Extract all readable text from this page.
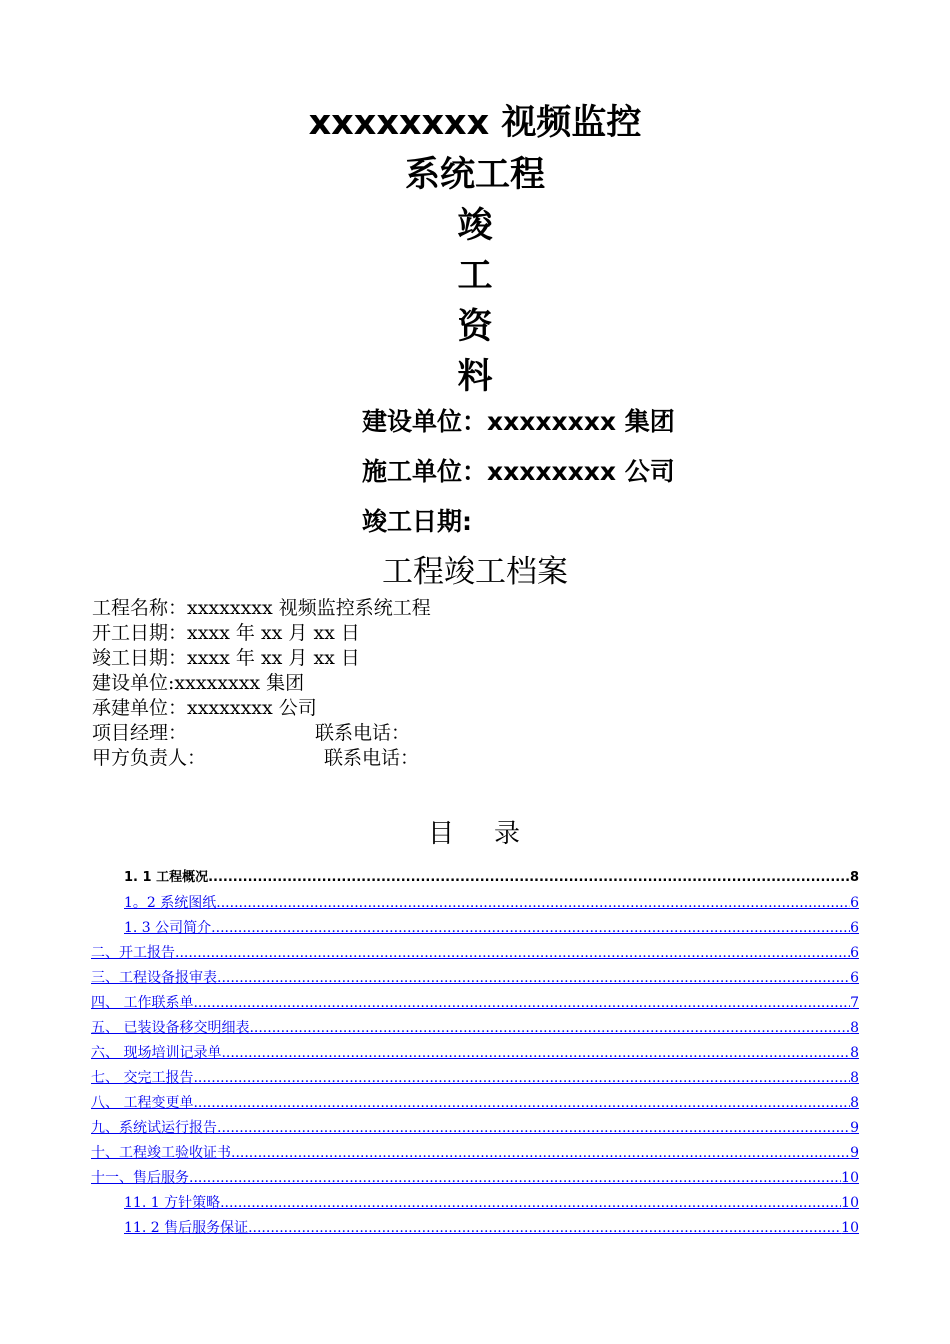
xxxxxxxx 视频监控
系统工程
竣
工
资
料
建设单位：xxxxxxxx 集团
施工单位：xxxxxxxx 公司
竣工日期:
工程竣工档案
工程名称：xxxxxxxx 视频监控系统工程
开工日期：xxxx 年 xx 月 xx 日
竣工日期：xxxx 年 xx 月 xx 日
建设单位:xxxxxxxx 集团
承建单位：xxxxxxxx 公司
项目经理：	联系电话：
甲方负责人：	联系电话：
目 录
1. 1 工程概况 .....	8
1。2 系统图纸 .....	6
1. 3 公司简介 .....	6
二、开工报告 .....	6
三、工程设备报审表 .....	6
四、 工作联系单 .....	7
五、 已装设备移交明细表 .....	8
六、 现场培训记录单 .....	8
七、 交完工报告 .....	8
八、 工程变更单 .....	8
九、系统试运行报告 .....	9
十、工程竣工验收证书 .....	9
十一、售后服务 .....	10
11. 1 方针策略 .....	10
11. 2 售后服务保证 .....	10
